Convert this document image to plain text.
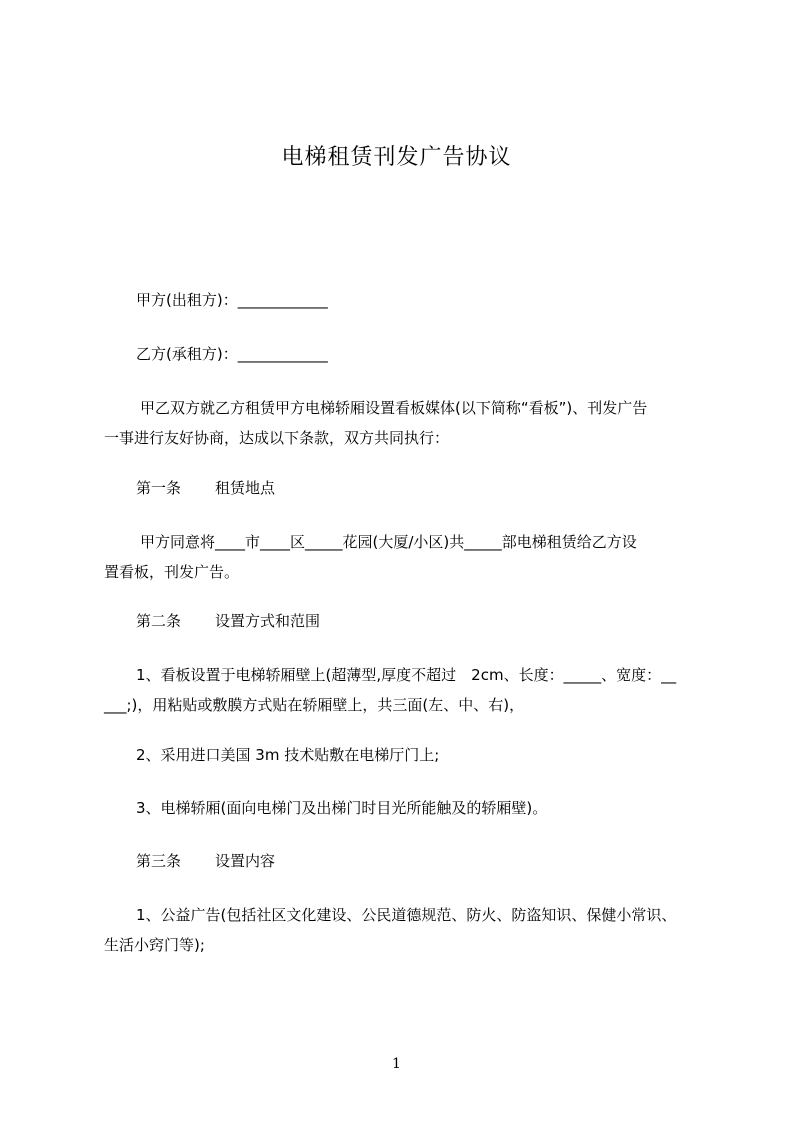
电梯租赁刊发广告协议

甲方(出租方)：____________

乙方(承租方)：____________

甲乙双方就乙方租赁甲方电梯轿厢设置看板媒体(以下简称“看板”)、刊发广告
一事进行友好协商，达成以下条款，双方共同执行：

第一条 租赁地点

甲方同意将____市____区_____花园(大厦/小区)共_____部电梯租赁给乙方设
置看板，刊发广告。

第二条 设置方式和范围

1、看板设置于电梯轿厢壁上(超薄型,厚度不超过　2cm、长度：_____、宽度：__
___;)，用粘贴或敷膜方式贴在轿厢壁上，共三面(左、中、右)，

2、采用进口美国 3m 技术贴敷在电梯厅门上;

3、电梯轿厢(面向电梯门及出梯门时目光所能触及的轿厢壁)。

第三条 设置内容

1、公益广告(包括社区文化建设、公民道德规范、防火、防盗知识、保健小常识、
生活小窍门等);
1
